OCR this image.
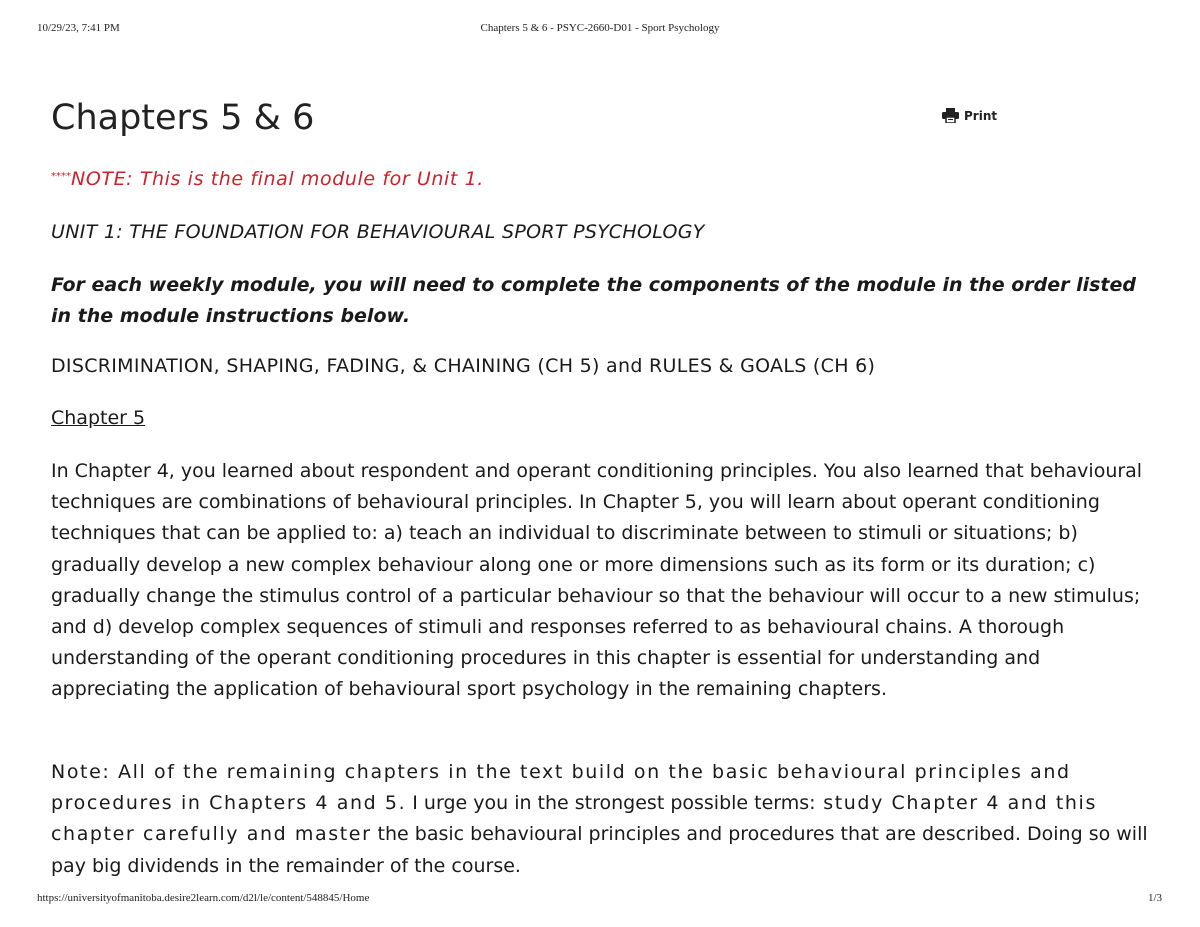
10/29/23, 7:41 PM	Chapters 5 & 6 - PSYC-2660-D01 - Sport Psychology
Chapters 5 & 6	Print
****NOTE: This is the final module for Unit 1.
UNIT 1: THE FOUNDATION FOR BEHAVIOURAL SPORT PSYCHOLOGY
For each weekly module, you will need to complete the components of the module in the order listed in the module instructions below.
DISCRIMINATION, SHAPING, FADING, & CHAINING (CH 5) and RULES & GOALS (CH 6)
Chapter 5
In Chapter 4, you learned about respondent and operant conditioning principles. You also learned that behavioural techniques are combinations of behavioural principles. In Chapter 5, you will learn about operant conditioning techniques that can be applied to: a) teach an individual to discriminate between to stimuli or situations; b) gradually develop a new complex behaviour along one or more dimensions such as its form or its duration; c) gradually change the stimulus control of a particular behaviour so that the behaviour will occur to a new stimulus; and d) develop complex sequences of stimuli and responses referred to as behavioural chains. A thorough understanding of the operant conditioning procedures in this chapter is essential for understanding and appreciating the application of behavioural sport psychology in the remaining chapters.
Note: All of the remaining chapters in the text build on the basic behavioural principles and procedures in Chapters 4 and 5. I urge you in the strongest possible terms: study Chapter 4 and this chapter carefully and master the basic behavioural principles and procedures that are described. Doing so will pay big dividends in the remainder of the course.
https://universityofmanitoba.desire2learn.com/d2l/le/content/548845/Home	1/3
